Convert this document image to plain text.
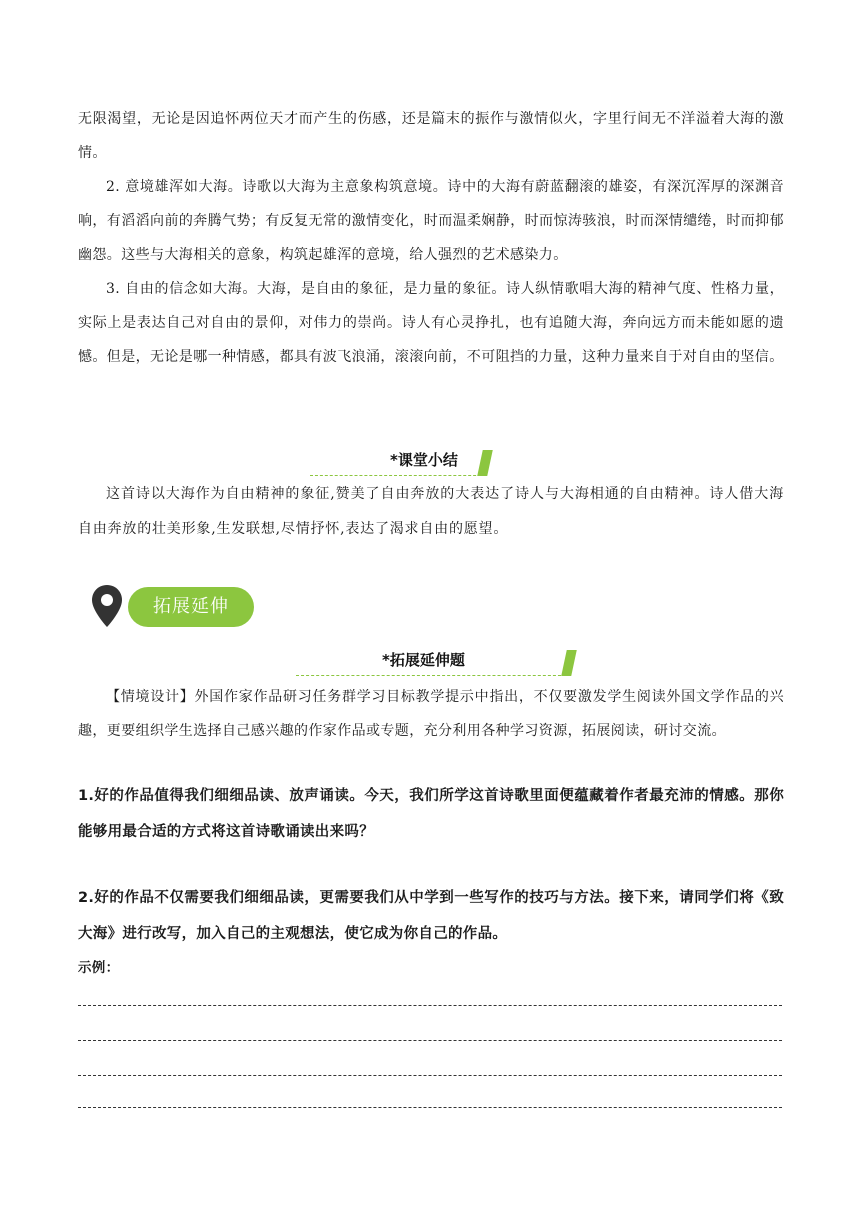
无限渴望，无论是因追怀两位天才而产生的伤感，还是篇末的振作与激情似火，字里行间无不洋溢着大海的激情。

2. 意境雄浑如大海。诗歌以大海为主意象构筑意境。诗中的大海有蔚蓝翻滚的雄姿，有深沉浑厚的深渊音响，有滔滔向前的奔腾气势；有反复无常的激情变化，时而温柔娴静，时而惊涛骇浪，时而深情缱绻，时而抑郁幽怨。这些与大海相关的意象，构筑起雄浑的意境，给人强烈的艺术感染力。

3. 自由的信念如大海。大海，是自由的象征，是力量的象征。诗人纵情歌唱大海的精神气度、性格力量，实际上是表达自己对自由的景仰，对伟力的崇尚。诗人有心灵挣扎，也有追随大海，奔向远方而未能如愿的遗憾。但是，无论是哪一种情感，都具有波飞浪涌，滚滚向前，不可阻挡的力量，这种力量来自于对自由的坚信。

*课堂小结

这首诗以大海作为自由精神的象征,赞美了自由奔放的大表达了诗人与大海相通的自由精神。诗人借大海自由奔放的壮美形象,生发联想,尽情抒怀,表达了渴求自由的愿望。

拓展延伸
*拓展延伸题

【情境设计】外国作家作品研习任务群学习目标教学提示中指出，不仅要激发学生阅读外国文学作品的兴趣，更要组织学生选择自己感兴趣的作家作品或专题，充分利用各种学习资源，拓展阅读，研讨交流。

1.好的作品值得我们细细品读、放声诵读。今天，我们所学这首诗歌里面便蕴藏着作者最充沛的情感。那你能够用最合适的方式将这首诗歌诵读出来吗？

2.好的作品不仅需要我们细细品读，更需要我们从中学到一些写作的技巧与方法。接下来，请同学们将《致大海》进行改写，加入自己的主观想法，使它成为你自己的作品。

示例：
